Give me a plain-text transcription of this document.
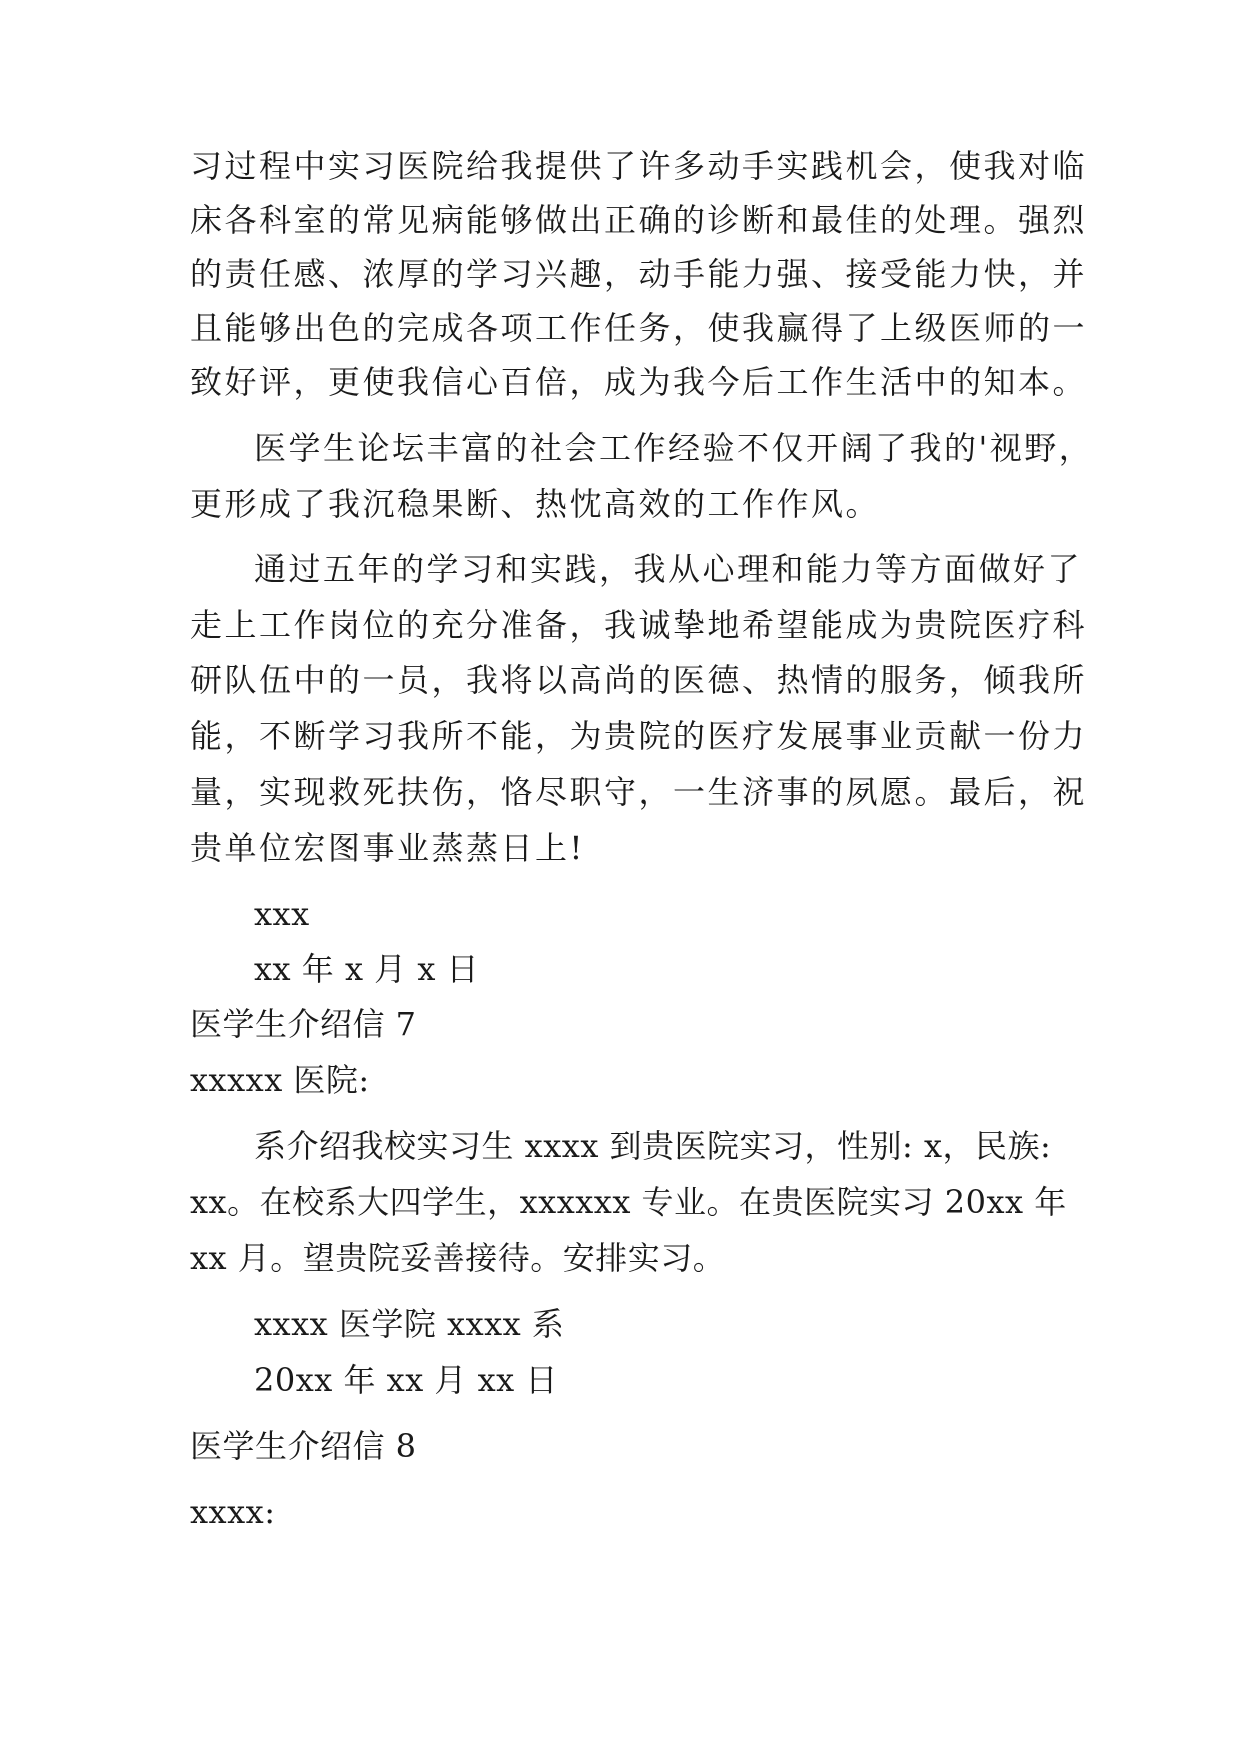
习过程中实习医院给我提供了许多动手实践机会，使我对临
床各科室的常见病能够做出正确的诊断和最佳的处理。强烈
的责任感、浓厚的学习兴趣，动手能力强、接受能力快，并
且能够出色的完成各项工作任务，使我赢得了上级医师的一
致好评，更使我信心百倍，成为我今后工作生活中的知本。
医学生论坛丰富的社会工作经验不仅开阔了我的'视野，
更形成了我沉稳果断、热忱高效的工作作风。
通过五年的学习和实践，我从心理和能力等方面做好了
走上工作岗位的充分准备，我诚挚地希望能成为贵院医疗科
研队伍中的一员，我将以高尚的医德、热情的服务，倾我所
能，不断学习我所不能，为贵院的医疗发展事业贡献一份力
量，实现救死扶伤，恪尽职守，一生济事的夙愿。最后，祝
贵单位宏图事业蒸蒸日上!
xxx
xx 年 x 月 x 日
医学生介绍信 7
xxxxx 医院:
系介绍我校实习生 xxxx 到贵医院实习，性别: x，民族:
xx。在校系大四学生，xxxxxx 专业。在贵医院实习 20xx 年
xx 月。望贵院妥善接待。安排实习。
xxxx 医学院 xxxx 系
20xx 年 xx 月 xx 日
医学生介绍信 8
xxxx:
